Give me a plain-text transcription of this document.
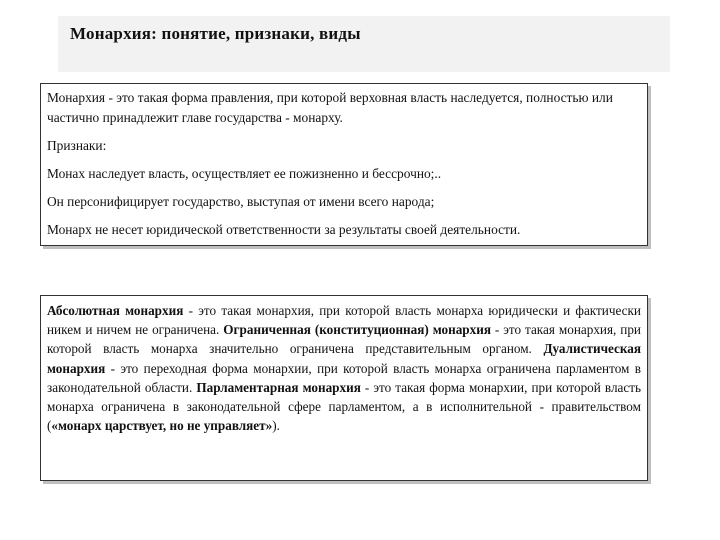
Монархия: понятие, признаки, виды

Монархия - это такая форма правления, при которой верховная власть наследуется, полностью или частично принадлежит главе государства - монарху.

Признаки:

Монах наследует власть, осуществляет ее пожизненно и бессрочно;..

Он персонифицирует государство, выступая от имени всего народа;

Монарх не несет юридической ответственности за результаты своей деятельности.

Абсолютная монархия - это такая монархия, при которой власть монарха юридически и фактически никем и ничем не ограничена. Ограниченная (конституционная) монархия - это такая монархия, при которой власть монарха значительно ограничена представительным органом. Дуалистическая монархия - это переходная форма монархии, при которой власть монарха ограничена парламентом в законодательной области. Парламентарная монархия - это такая форма монархии, при которой власть монарха ограничена в законодательной сфере парламентом, а в исполнительной - правительством («монарх царствует, но не управляет»).
